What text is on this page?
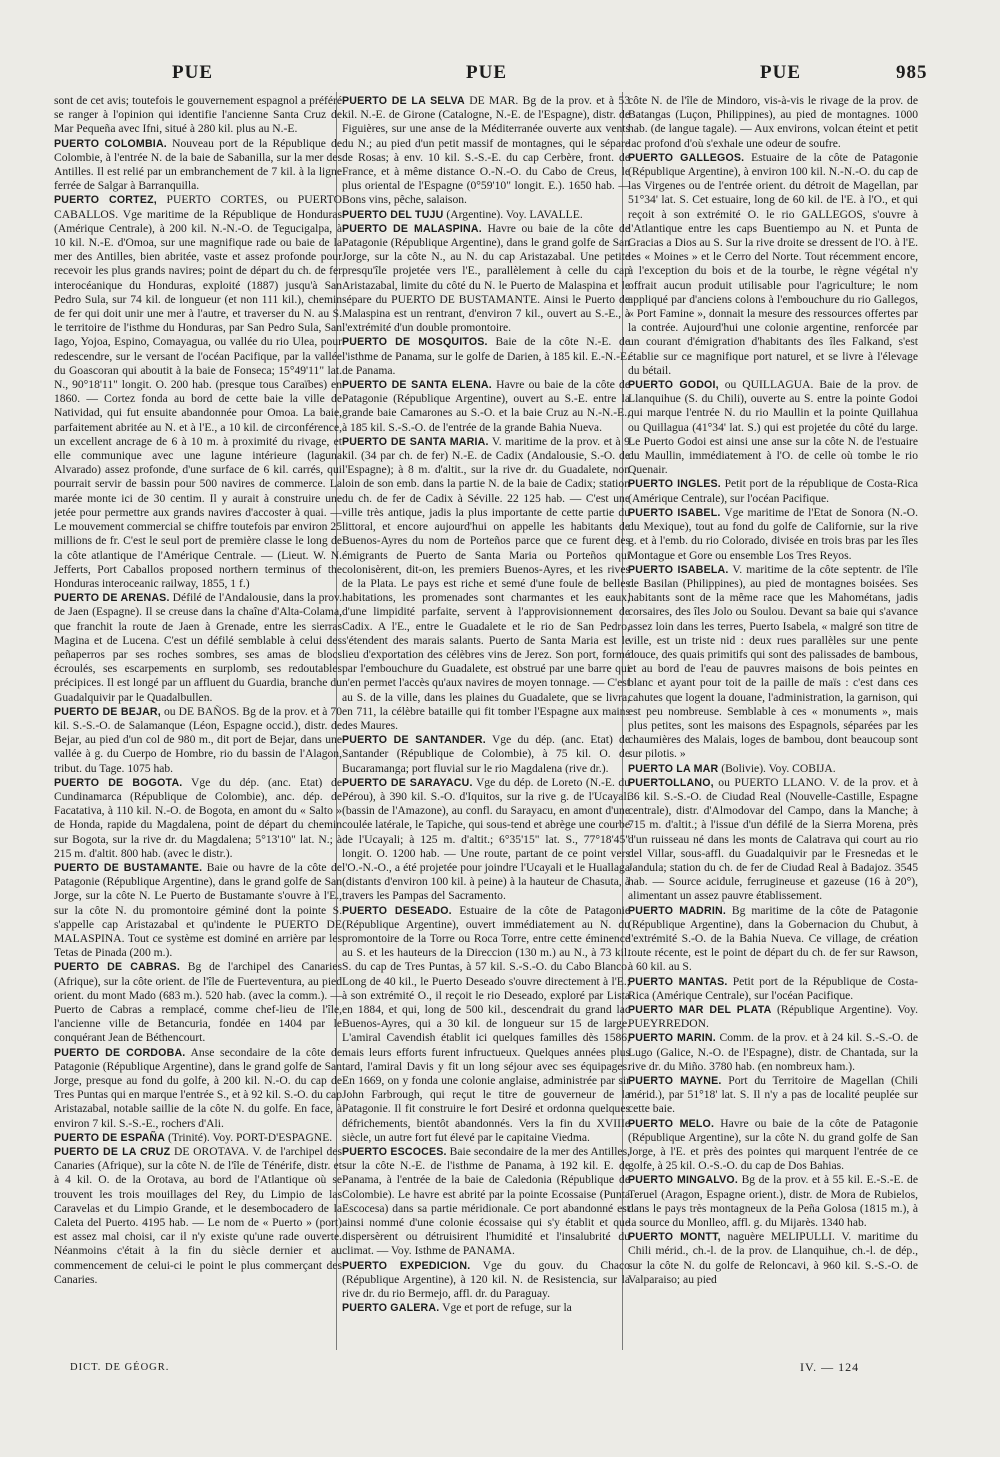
PUE	PUE	PUE	985

sont de cet avis; toutefois le gouvernement espagnol a préféré se ranger à l'opinion qui identifie l'ancienne Santa Cruz de Mar Pequeña avec Ifni, situé à 280 kil. plus au N.-E.

PUERTO COLOMBIA. Nouveau port de la République de Colombie, à l'entrée N. de la baie de Sabanilla, sur la mer des Antilles. Il est relié par un embranchement de 7 kil. à la ligne ferrée de Salgar à Barranquilla.

PUERTO CORTEZ, PUERTO CORTES, ou PUERTO CABALLOS. Vge maritime de la République de Honduras (Amérique Centrale), à 200 kil. N.-N.-O. de Tegucigalpa, à 10 kil. N.-E. d'Omoa, sur une magnifique rade ou baie de la mer des Antilles, bien abritée, vaste et assez profonde pour recevoir les plus grands navires; point de départ du ch. de fer interocéanique du Honduras, exploité (1887) jusqu'à San Pedro Sula, sur 74 kil. de longueur (et non 111 kil.), chemin de fer qui doit unir une mer à l'autre, et traverser du N. au S. le territoire de l'isthme du Honduras, par San Pedro Sula, San Iago, Yojoa, Espino, Comayagua, ou vallée du rio Ulea, pour redescendre, sur le versant de l'océan Pacifique, par la vallée du Goascoran qui aboutit à la baie de Fonseca; 15°49'11" lat. N., 90°18'11" longit. O. 200 hab. (presque tous Caraïbes) en 1860. — Cortez fonda au bord de cette baie la ville de Natividad, qui fut ensuite abandonnée pour Omoa. La baie, parfaitement abritée au N. et à l'E., a 10 kil. de circonférence, un excellent ancrage de 6 à 10 m. à proximité du rivage, et elle communique avec une lagune intérieure (laguna Alvarado) assez profonde, d'une surface de 6 kil. carrés, qui pourrait servir de bassin pour 500 navires de commerce. La marée monte ici de 30 centim. Il y aurait à construire une jetée pour permettre aux grands navires d'accoster à quai. — Le mouvement commercial se chiffre toutefois par environ 25 millions de fr. C'est le seul port de première classe le long de la côte atlantique de l'Amérique Centrale. — (Lieut. W. N. Jefferts, Port Caballos proposed northern terminus of the Honduras interoceanic railway, 1855, 1 f.)

PUERTO DE ARENAS. Défilé de l'Andalousie, dans la prov. de Jaen (Espagne). Il se creuse dans la chaîne d'Alta-Colama, que franchit la route de Jaen à Grenade, entre les sierras Magina et de Lucena. C'est un défilé semblable à celui des peñaperros par ses roches sombres, ses amas de blocs écroulés, ses escarpements en surplomb, ses redoutables précipices. Il est longé par un affluent du Guardia, branche du Guadalquivir par le Quadalbullen.

PUERTO DE BEJAR, ou DE BAÑOS. Bg de la prov. et à 70 kil. S.-S.-O. de Salamanque (Léon, Espagne occid.), distr. de Bejar, au pied d'un col de 980 m., dit port de Bejar, dans une vallée à g. du Cuerpo de Hombre, rio du bassin de l'Alagon, tribut. du Tage. 1075 hab.

PUERTO DE BOGOTA. Vge du dép. (anc. Etat) de Cundinamarca (République de Colombie), anc. dép. de Facatativa, à 110 kil. N.-O. de Bogota, en amont du « Salto » de Honda, rapide du Magdalena, point de départ du chemin sur Bogota, sur la rive dr. du Magdalena; 5°13'10" lat. N.; à 215 m. d'altit. 800 hab. (avec le distr.).

PUERTO DE BUSTAMANTE. Baie ou havre de la côte de Patagonie (République Argentine), dans le grand golfe de San Jorge, sur la côte N. Le Puerto de Bustamante s'ouvre à l'E., sur la côte N. du promontoire géminé dont la pointe S. s'appelle cap Aristazabal et qu'indente le PUERTO DE MALASPINA. Tout ce système est dominé en arrière par les Tetas de Pinada (200 m.).

PUERTO DE CABRAS. Bg de l'archipel des Canaries (Afrique), sur la côte orient. de l'île de Fuerteventura, au pied orient. du mont Mado (683 m.). 520 hab. (avec la comm.). — Puerto de Cabras a remplacé, comme chef-lieu de l'île, l'ancienne ville de Betancuria, fondée en 1404 par le conquérant Jean de Béthencourt.

PUERTO DE CORDOBA. Anse secondaire de la côte de Patagonie (République Argentine), dans le grand golfe de San Jorge, presque au fond du golfe, à 200 kil. N.-O. du cap de Tres Puntas qui en marque l'entrée S., et à 92 kil. S.-O. du cap Aristazabal, notable saillie de la côte N. du golfe. En face, à environ 7 kil. S.-S.-E., rochers d'Ali.

PUERTO DE ESPAÑA (Trinité). Voy. PORT-D'ESPAGNE.

PUERTO DE LA CRUZ DE OROTAVA. V. de l'archipel des Canaries (Afrique), sur la côte N. de l'île de Ténérife, distr. et à 4 kil. O. de la Orotava, au bord de l'Atlantique où se trouvent les trois mouillages del Rey, du Limpio de las Caravelas et du Limpio Grande, et le desembocadero de la Caleta del Puerto. 4195 hab. — Le nom de « Puerto » (port) est assez mal choisi, car il n'y existe qu'une rade ouverte. Néanmoins c'était à la fin du siècle dernier et au commencement de celui-ci le point le plus commerçant des Canaries.

PUERTO DE LA SELVA DE MAR. Bg de la prov. et à 53 kil. N.-E. de Girone (Catalogne, N.-E. de l'Espagne), distr. de Figuières, sur une anse de la Méditerranée ouverte aux vents du N.; au pied d'un petit massif de montagnes, qui le sépare de Rosas; à env. 10 kil. S.-S.-E. du cap Cerbère, front. de France, et à même distance O.-N.-O. du Cabo de Creus, le plus oriental de l'Espagne (0°59'10" longit. E.). 1650 hab. — Bons vins, pêche, salaison.

PUERTO DEL TUJU (Argentine). Voy. LAVALLE.

PUERTO DE MALASPINA. Havre ou baie de la côte de Patagonie (République Argentine), dans le grand golfe de San Jorge, sur la côte N., au N. du cap Aristazabal. Une petite presqu'île projetée vers l'E., parallèlement à celle du cap Aristazabal, limite du côté du N. le Puerto de Malaspina et le sépare du PUERTO DE BUSTAMANTE. Ainsi le Puerto de Malaspina est un rentrant, d'environ 7 kil., ouvert au S.-E., à l'extrémité d'un double promontoire.

PUERTO DE MOSQUITOS. Baie de la côte N.-E. de l'isthme de Panama, sur le golfe de Darien, à 185 kil. E.-N.-E. de Panama.

PUERTO DE SANTA ELENA. Havre ou baie de la côte de Patagonie (République Argentine), ouvert au S.-E. entre la grande baie Camarones au S.-O. et la baie Cruz au N.-N.-E., à 185 kil. S.-S.-O. de l'entrée de la grande Bahia Nueva.

PUERTO DE SANTA MARIA. V. maritime de la prov. et à 9 kil. (34 par ch. de fer) N.-E. de Cadix (Andalousie, S.-O. de l'Espagne); à 8 m. d'altit., sur la rive dr. du Guadalete, non loin de son emb. dans la partie N. de la baie de Cadix; station du ch. de fer de Cadix à Séville. 22 125 hab. — C'est une ville très antique, jadis la plus importante de cette partie du littoral, et encore aujourd'hui on appelle les habitants de Buenos-Ayres du nom de Porteños parce que ce furent des émigrants de Puerto de Santa Maria ou Porteños qui colonisèrent, dit-on, les premiers Buenos-Ayres, et les rives de la Plata. Le pays est riche et semé d'une foule de belles habitations, les promenades sont charmantes et les eaux, d'une limpidité parfaite, servent à l'approvisionnement de Cadix. A l'E., entre le Guadalete et le rio de San Pedro, s'étendent des marais salants. Puerto de Santa Maria est le lieu d'exportation des célèbres vins de Jerez. Son port, formé par l'embouchure du Guadalete, est obstrué par une barre qui n'en permet l'accès qu'aux navires de moyen tonnage. — C'est au S. de la ville, dans les plaines du Guadalete, que se livra, en 711, la célèbre bataille qui fit tomber l'Espagne aux mains des Maures.

PUERTO DE SANTANDER. Vge du dép. (anc. Etat) de Santander (République de Colombie), à 75 kil. O. de Bucaramanga; port fluvial sur le rio Magdalena (rive dr.).

PUERTO DE SARAYACU. Vge du dép. de Loreto (N.-E. du Pérou), à 390 kil. S.-O. d'Iquitos, sur la rive g. de l'Ucayali (bassin de l'Amazone), au confl. du Sarayacu, en amont d'une coulée latérale, le Tapiche, qui sous-tend et abrège une courbe de l'Ucayali; à 125 m. d'altit.; 6°35'15" lat. S., 77°18'45" longit. O. 1200 hab. — Une route, partant de ce point vers l'O.-N.-O., a été projetée pour joindre l'Ucayali et le Huallaga (distants d'environ 100 kil. à peine) à la hauteur de Chasuta, à travers les Pampas del Sacramento.

PUERTO DESEADO. Estuaire de la côte de Patagonie (République Argentine), ouvert immédiatement au N. du promontoire de la Torre ou Roca Torre, entre cette éminence au S. et les hauteurs de la Direccion (130 m.) au N., à 73 kil. S. du cap de Tres Puntas, à 57 kil. S.-S.-O. du Cabo Blanco. Long de 40 kil., le Puerto Deseado s'ouvre directement à l'E.; à son extrémité O., il reçoit le rio Deseado, exploré par Lista en 1884, et qui, long de 500 kil., descendrait du grand lac Buenos-Ayres, qui a 30 kil. de longueur sur 15 de large. L'amiral Cavendish établit ici quelques familles dès 1586, mais leurs efforts furent infructueux. Quelques années plus tard, l'amiral Davis y fit un long séjour avec ses équipages. En 1669, on y fonda une colonie anglaise, administrée par sir John Farbrough, qui reçut le titre de gouverneur de la Patagonie. Il fit construire le fort Desiré et ordonna quelques défrichements, bientôt abandonnés. Vers la fin du XVIIIe siècle, un autre fort fut élevé par le capitaine Viedma.

PUERTO ESCOCES. Baie secondaire de la mer des Antilles, sur la côte N.-E. de l'isthme de Panama, à 192 kil. E. de Panama, à l'entrée de la baie de Caledonia (République de Colombie). Le havre est abrité par la pointe Ecossaise (Punta Escocesa) dans sa partie méridionale. Ce port abandonné est ainsi nommé d'une colonie écossaise qui s'y établit et que dispersèrent ou détruisirent l'humidité et l'insalubrité du climat. — Voy. Isthme de PANAMA.

PUERTO EXPEDICION. Vge du gouv. du Chaco (République Argentine), à 120 kil. N. de Resistencia, sur la rive dr. du rio Bermejo, affl. dr. du Paraguay.

PUERTO GALERA. Vge et port de refuge, sur la

côte N. de l'île de Mindoro, vis-à-vis le rivage de la prov. de Batangas (Luçon, Philippines), au pied de montagnes. 1000 hab. (de langue tagale). — Aux environs, volcan éteint et petit lac profond d'où s'exhale une odeur de soufre.

PUERTO GALLEGOS. Estuaire de la côte de Patagonie (République Argentine), à environ 100 kil. N.-N.-O. du cap de las Virgenes ou de l'entrée orient. du détroit de Magellan, par 51°34' lat. S. Cet estuaire, long de 60 kil. de l'E. à l'O., et qui reçoit à son extrémité O. le rio GALLEGOS, s'ouvre à l'Atlantique entre les caps Buentiempo au N. et Punta de Gracias a Dios au S. Sur la rive droite se dressent de l'O. à l'E. les « Moines » et le Cerro del Norte. Tout récemment encore, à l'exception du bois et de la tourbe, le règne végétal n'y offrait aucun produit utilisable pour l'agriculture; le nom appliqué par d'anciens colons à l'embouchure du rio Gallegos, « Port Famine », donnait la mesure des ressources offertes par la contrée. Aujourd'hui une colonie argentine, renforcée par un courant d'émigration d'habitants des îles Falkand, s'est établie sur ce magnifique port naturel, et se livre à l'élevage du bétail.

PUERTO GODOI, ou QUILLAGUA. Baie de la prov. de Llanquihue (S. du Chili), ouverte au S. entre la pointe Godoi qui marque l'entrée N. du rio Maullin et la pointe Quillahua ou Quillagua (41°34' lat. S.) qui est projetée du côté du large. Le Puerto Godoi est ainsi une anse sur la côte N. de l'estuaire du Maullin, immédiatement à l'O. de celle où tombe le rio Quenair.

PUERTO INGLES. Petit port de la république de Costa-Rica (Amérique Centrale), sur l'océan Pacifique.

PUERTO ISABEL. Vge maritime de l'Etat de Sonora (N.-O. du Mexique), tout au fond du golfe de Californie, sur la rive g. et à l'emb. du rio Colorado, divisée en trois bras par les îles Montague et Gore ou ensemble Los Tres Reyos.

PUERTO ISABELA. V. maritime de la côte septentr. de l'île de Basilan (Philippines), au pied de montagnes boisées. Ses habitants sont de la même race que les Mahométans, jadis corsaires, des îles Jolo ou Soulou. Devant sa baie qui s'avance assez loin dans les terres, Puerto Isabela, « malgré son titre de ville, est un triste nid : deux rues parallèles sur une pente douce, des quais primitifs qui sont des palissades de bambous, et au bord de l'eau de pauvres maisons de bois peintes en blanc et ayant pour toit de la paille de maïs : c'est dans ces cahutes que logent la douane, l'administration, la garnison, qui est peu nombreuse. Semblable à ces « monuments », mais plus petites, sont les maisons des Espagnols, séparées par les chaumières des Malais, loges de bambou, dont beaucoup sont sur pilotis. »

PUERTO LA MAR (Bolivie). Voy. COBIJA.

PUERTOLLANO, ou PUERTO LLANO. V. de la prov. et à 36 kil. S.-S.-O. de Ciudad Real (Nouvelle-Castille, Espagne centrale), distr. d'Almodovar del Campo, dans la Manche; à 715 m. d'altit.; à l'issue d'un défilé de la Sierra Morena, près d'un ruisseau né dans les monts de Calatrava qui court au rio del Villar, sous-affl. du Guadalquivir par le Fresnedas et le Jandula; station du ch. de fer de Ciudad Real à Badajoz. 3545 hab. — Source acidule, ferrugineuse et gazeuse (16 à 20°), alimentant un assez pauvre établissement.

PUERTO MADRIN. Bg maritime de la côte de Patagonie (République Argentine), dans la Gobernacion du Chubut, à l'extrémité S.-O. de la Bahia Nueva. Ce village, de création toute récente, est le point de départ du ch. de fer sur Rawson, à 60 kil. au S.

PUERTO MANTAS. Petit port de la République de Costa-Rica (Amérique Centrale), sur l'océan Pacifique.

PUERTO MAR DEL PLATA (République Argentine). Voy. PUEYRREDON.

PUERTO MARIN. Comm. de la prov. et à 24 kil. S.-S.-O. de Lugo (Galice, N.-O. de l'Espagne), distr. de Chantada, sur la rive dr. du Miño. 3780 hab. (en nombreux ham.).

PUERTO MAYNE. Port du Territoire de Magellan (Chili mérid.), par 51°18' lat. S. Il n'y a pas de localité peuplée sur cette baie.

PUERTO MELO. Havre ou baie de la côte de Patagonie (République Argentine), sur la côte N. du grand golfe de San Jorge, à l'E. et près des pointes qui marquent l'entrée de ce golfe, à 25 kil. O.-S.-O. du cap de Dos Bahias.

PUERTO MINGALVO. Bg de la prov. et à 55 kil. E.-S.-E. de Teruel (Aragon, Espagne orient.), distr. de Mora de Rubielos, dans le pays très montagneux de la Peña Golosa (1815 m.), à la source du Monlleo, affl. g. du Mijarès. 1340 hab.

PUERTO MONTT, naguère MELIPULLI. V. maritime du Chili mérid., ch.-l. de la prov. de Llanquihue, ch.-l. de dép., sur la côte N. du golfe de Reloncavi, à 960 kil. S.-S.-O. de Valparaiso; au pied

DICT. DE GÉOGR.	IV. — 124
